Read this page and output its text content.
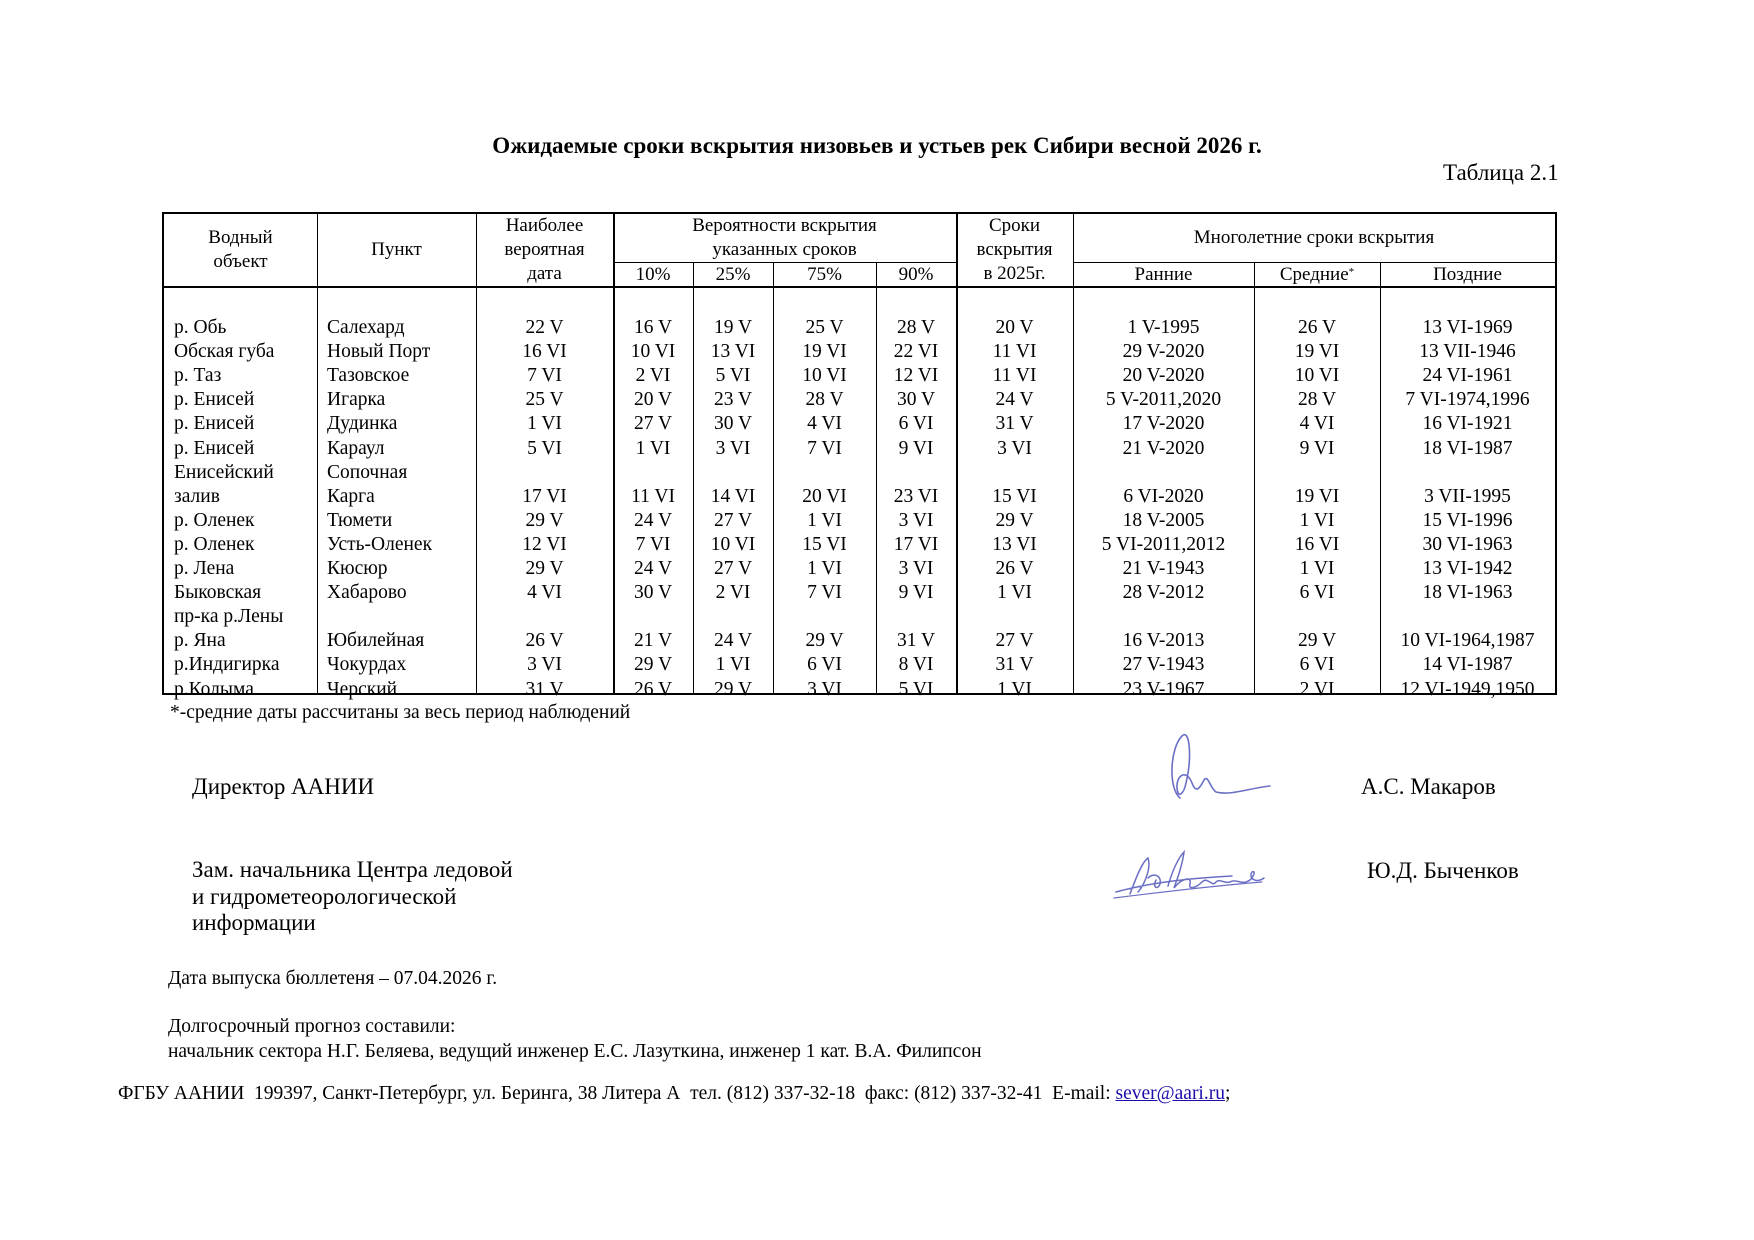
Ожидаемые сроки вскрытия низовьев и устьев рек Сибири весной 2026 г.
Таблица 2.1
Водный
объект
Пункт
Наиболее
вероятная
дата
Вероятности вскрытия
указанных сроков
10%	25%	75%	90%
Сроки
вскрытия
в 2025г.
Многолетние сроки вскрытия
Ранние	Средние *	Поздние
р. Обь	Салехард	22 V	16 V	19 V	25 V	28 V	20 V	1 V-1995	26 V	13 VI-1969
Обская губа	Новый Порт	16 VI	10 VI	13 VI	19 VI	22 VI	11 VI	29 V-2020	19 VI	13 VII-1946
р. Таз	Тазовское	7 VI	2 VI	5 VI	10 VI	12 VI	11 VI	20 V-2020	10 VI	24 VI-1961
р. Енисей	Игарка	25 V	20 V	23 V	28 V	30 V	24 V	5 V-2011,2020	28 V	7 VI-1974,1996
р. Енисей	Дудинка	1 VI	27 V	30 V	4 VI	6 VI	31 V	17 V-2020	4 VI	16 VI-1921
р. Енисей	Караул	5 VI	1 VI	3 VI	7 VI	9 VI	3 VI	21 V-2020	9 VI	18 VI-1987
Енисейский	Сопочная
залив	Карга	17 VI	11 VI	14 VI	20 VI	23 VI	15 VI	6 VI-2020	19 VI	3 VII-1995
р. Оленек	Тюмети	29 V	24 V	27 V	1 VI	3 VI	29 V	18 V-2005	1 VI	15 VI-1996
р. Оленек	Усть-Оленек	12 VI	7 VI	10 VI	15 VI	17 VI	13 VI	5 VI-2011,2012	16 VI	30 VI-1963
р. Лена	Кюсюр	29 V	24 V	27 V	1 VI	3 VI	26 V	21 V-1943	1 VI	13 VI-1942
Быковская	Хабарово	4 VI	30 V	2 VI	7 VI	9 VI	1 VI	28 V-2012	6 VI	18 VI-1963
пр-ка р.Лены
р. Яна	Юбилейная	26 V	21 V	24 V	29 V	31 V	27 V	16 V-2013	29 V	10 VI-1964,1987
р.Индигирка	Чокурдах	3 VI	29 V	1 VI	6 VI	8 VI	31 V	27 V-1943	6 VI	14 VI-1987
р.Колыма	Черский	31 V	26 V	29 V	3 VI	5 VI	1 VI	23 V-1967	2 VI	12 VI-1949,1950
*-средние даты рассчитаны за весь период наблюдений
Директор ААНИИ	А.С. Макаров
Зам. начальника Центра ледовой
и гидрометеорологической
информации
Ю.Д. Быченков
Дата выпуска бюллетеня – 07.04.2026 г.
Долгосрочный прогноз составили:
начальник сектора Н.Г. Беляева, ведущий инженер Е.С. Лазуткина, инженер 1 кат. В.А. Филипсон
ФГБУ ААНИИ  199397, Санкт-Петербург, ул. Беринга, 38 Литера А  тел. (812) 337-32-18  факс: (812) 337-32-41  E-mail: sever@aari.ru;
